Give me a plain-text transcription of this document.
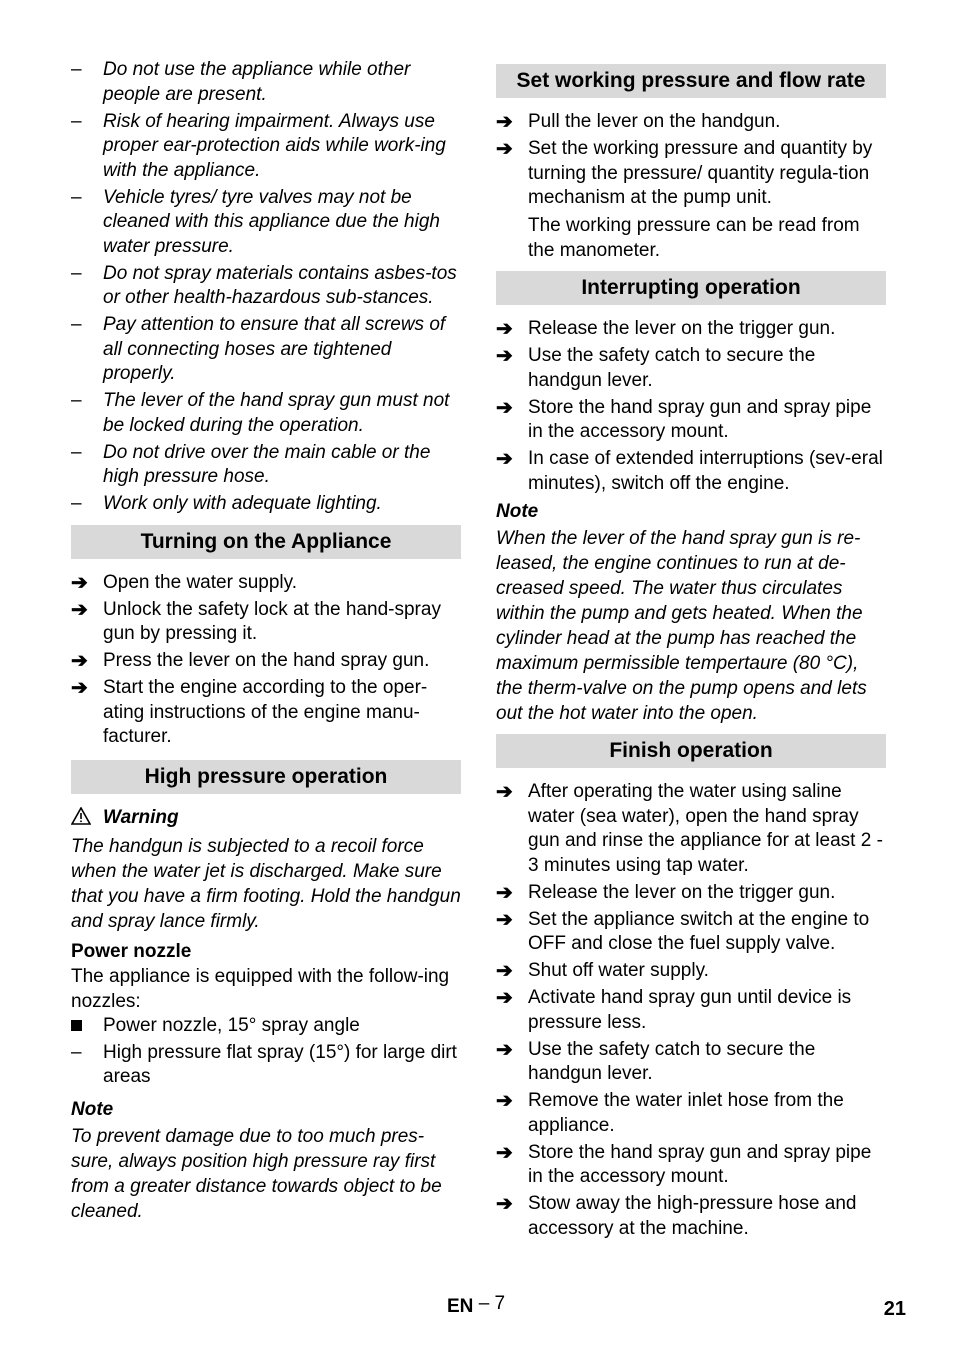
– Do not use the appliance while other people are present.
– Risk of hearing impairment. Always use proper ear-protection aids while work-ing with the appliance.
– Vehicle tyres/ tyre valves may not be cleaned with this appliance due the high water pressure.
– Do not spray materials contains asbes-tos or other health-hazardous sub-stances.
– Pay attention to ensure that all screws of all connecting hoses are tightened properly.
– The lever of the hand spray gun must not be locked during the operation.
– Do not drive over the main cable or the high pressure hose.
– Work only with adequate lighting.
Turning on the Appliance
➔ Open the water supply.
➔ Unlock the safety lock at the hand-spray gun by pressing it.
➔ Press the lever on the hand spray gun.
➔ Start the engine according to the oper-ating instructions of the engine manu-facturer.
High pressure operation
Warning
The handgun is subjected to a recoil force when the water jet is discharged. Make sure that you have a firm footing. Hold the handgun and spray lance firmly.
Power nozzle
The appliance is equipped with the follow-ing nozzles:
Power nozzle, 15° spray angle
– High pressure flat spray (15°) for large dirt areas
Note
To prevent damage due to too much pres-sure, always position high pressure ray first from a greater distance towards object to be cleaned.
Set working pressure and flow rate
➔ Pull the lever on the handgun.
➔ Set the working pressure and quantity by turning the pressure/ quantity regula-tion mechanism at the pump unit.
The working pressure can be read from the manometer.
Interrupting operation
➔ Release the lever on the trigger gun.
➔ Use the safety catch to secure the handgun lever.
➔ Store the hand spray gun and spray pipe in the accessory mount.
➔ In case of extended interruptions (sev-eral minutes), switch off the engine.
Note
When the lever of the hand spray gun is re-leased, the engine continues to run at de-creased speed. The water thus circulates within the pump and gets heated. When the cylinder head at the pump has reached the maximum permissible tempertaure (80 °C), the therm-valve on the pump opens and lets out the hot water into the open.
Finish operation
➔ After operating the water using saline water (sea water), open the hand spray gun and rinse the appliance for at least 2 - 3 minutes using tap water.
➔ Release the lever on the trigger gun.
➔ Set the appliance switch at the engine to OFF and close the fuel supply valve.
➔ Shut off water supply.
➔ Activate hand spray gun until device is pressure less.
➔ Use the safety catch to secure the handgun lever.
➔ Remove the water inlet hose from the appliance.
➔ Store the hand spray gun and spray pipe in the accessory mount.
➔ Stow away the high-pressure hose and accessory at the machine.
EN – 7	21
